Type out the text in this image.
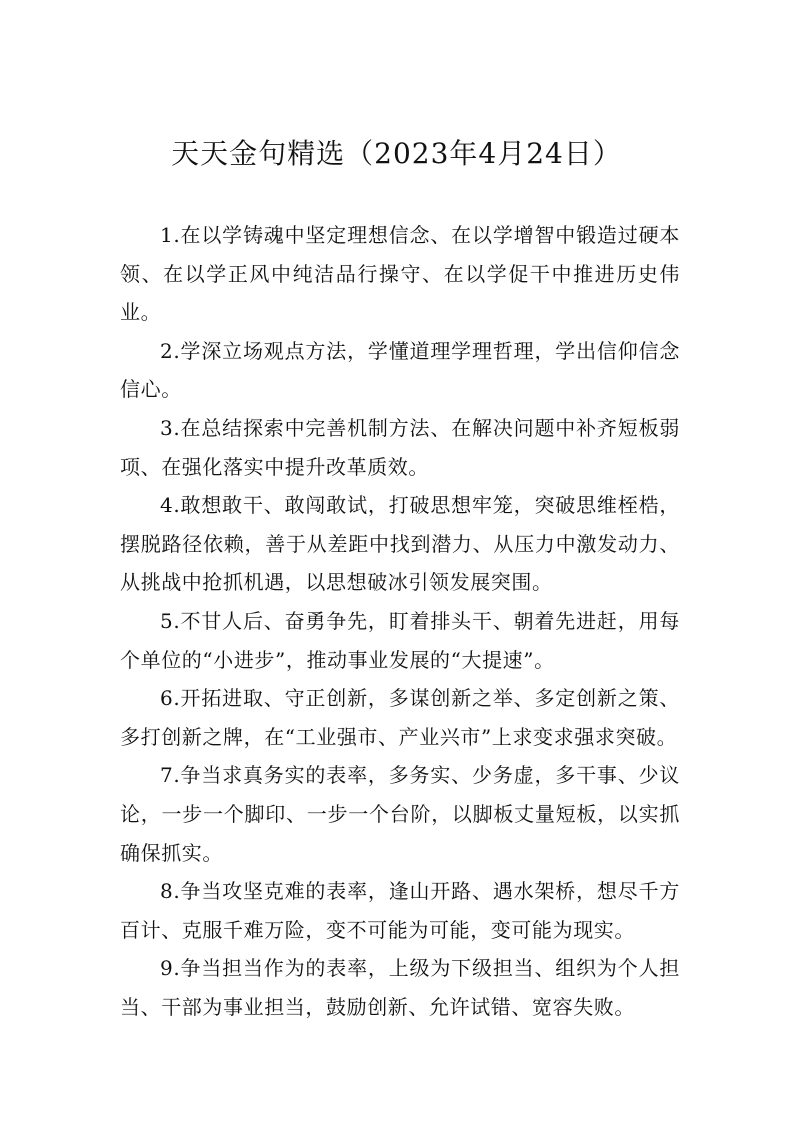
天天金句精选（2023年4月24日）

1.在以学铸魂中坚定理想信念、在以学增智中锻造过硬本领、在以学正风中纯洁品行操守、在以学促干中推进历史伟业。

2.学深立场观点方法，学懂道理学理哲理，学出信仰信念信心。

3.在总结探索中完善机制方法、在解决问题中补齐短板弱项、在强化落实中提升改革质效。

4.敢想敢干、敢闯敢试，打破思想牢笼，突破思维桎梏，摆脱路径依赖，善于从差距中找到潜力、从压力中激发动力、从挑战中抢抓机遇，以思想破冰引领发展突围。

5.不甘人后、奋勇争先，盯着排头干、朝着先进赶，用每个单位的“小进步”，推动事业发展的“大提速”。

6.开拓进取、守正创新，多谋创新之举、多定创新之策、多打创新之牌，在“工业强市、产业兴市”上求变求强求突破。

7.争当求真务实的表率，多务实、少务虚，多干事、少议论，一步一个脚印、一步一个台阶，以脚板丈量短板，以实抓确保抓实。

8.争当攻坚克难的表率，逢山开路、遇水架桥，想尽千方百计、克服千难万险，变不可能为可能，变可能为现实。

9.争当担当作为的表率，上级为下级担当、组织为个人担当、干部为事业担当，鼓励创新、允许试错、宽容失败。
